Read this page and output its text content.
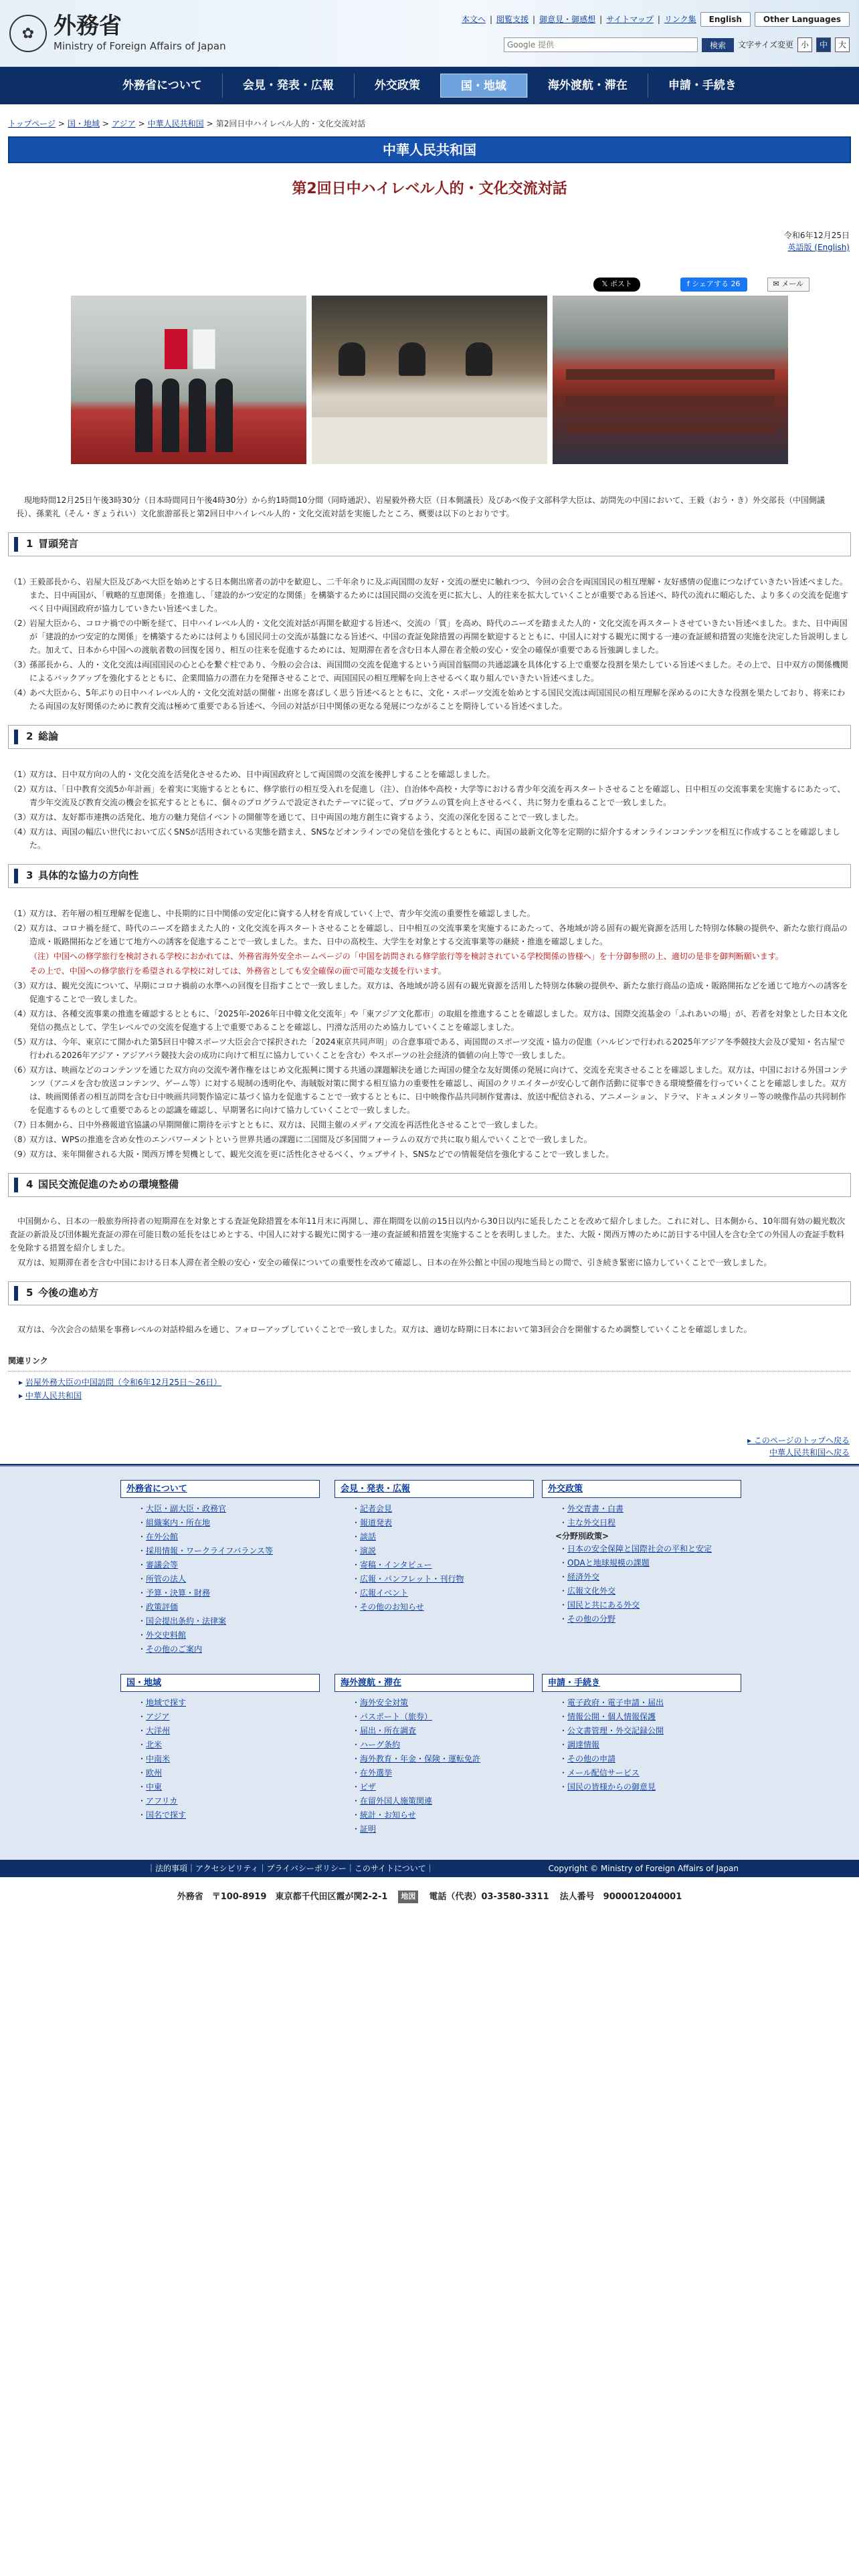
✿ 外務省
Ministry of Foreign Affairs of Japan
本文へ | 閲覧支援 | 御意見・御感想 | サイトマップ | リンク集	English	Other Languages
Google 提供
検索	文字サイズ変更 小	中	大
外務省について	会見・発表・広報	外交政策	国・地域	海外渡航・滞在	申請・手続き
トップページ > 国・地域 > アジア > 中華人民共和国 > 第2回日中ハイレベル人的・文化交流対話
中華人民共和国
第2回日中ハイレベル人的・文化交流対話
令和6年12月25日
英語版 (English)
𝕏 ポスト	f シェアする 26	✉ メール

現地時間12月25日午後3時30分（日本時間同日午後4時30分）から約1時間10分間（同時通訳）、岩屋毅外務大臣（日本側議長）及びあべ俊子文部科学大臣は、訪問先の中国において、王毅（おう・き）外交部長（中国側議長）、孫業礼（そん・ぎょうれい）文化旅游部長と第2回日中ハイレベル人的・文化交流対話を実施したところ、概要は以下のとおりです。

1
冒頭発言
（1）
王毅部長から、岩屋大臣及びあべ大臣を始めとする日本側出席者の訪中を歓迎し、二千年余りに及ぶ両国間の友好・交流の歴史に触れつつ、今回の会合を両国国民の相互理解・友好感情の促進につなげていきたい旨述べました。また、日中両国が、「戦略的互恵関係」を推進し、「建設的かつ安定的な関係」を構築するためには国民間の交流を更に拡大し、人的往来を拡大していくことが重要である旨述べ、時代の流れに順応した、より多くの交流を促進すべく日中両国政府が協力していきたい旨述べました。
（2）
岩屋大臣から、コロナ禍での中断を経て、日中ハイレベル人的・文化交流対話が再開を歓迎する旨述べ、交流の「質」を高め、時代のニーズを踏まえた人的・文化交流を再スタートさせていきたい旨述べました。また、日中両国が「建設的かつ安定的な関係」を構築するためには何よりも国民同士の交流が基盤になる旨述べ、中国の査証免除措置の再開を歓迎するとともに、中国人に対する観光に関する一連の査証緩和措置の実施を決定した旨説明しました。加えて、日本から中国への渡航者数の回復を図り、相互の往来を促進するためには、短期滞在者を含む日本人滞在者全般の安心・安全の確保が重要である旨強調しました。
（3）
孫部長から、人的・文化交流は両国国民の心と心を繋ぐ柱であり、今般の会合は、両国間の交流を促進するという両国首脳間の共通認識を具体化する上で重要な役割を果たしている旨述べました。その上で、日中双方の関係機関によるバックアップを強化するとともに、企業間協力の潜在力を発揮させることで、両国国民の相互理解を向上させるべく取り組んでいきたい旨述べました。
（4）
あべ大臣から、5年ぶりの日中ハイレベル人的・文化交流対話の開催・出席を喜ばしく思う旨述べるとともに、文化・スポーツ交流を始めとする国民交流は両国国民の相互理解を深めるのに大きな役割を果たしており、将来にわたる両国の友好関係のために教育交流は極めて重要である旨述べ、今回の対話が日中関係の更なる発展につながることを期待している旨述べました。
2
総論
（1）
双方は、日中双方向の人的・文化交流を活発化させるため、日中両国政府として両国間の交流を後押しすることを確認しました。
（2）
双方は、「日中教育交流5か年計画」を着実に実施するとともに、修学旅行の相互受入れを促進し（注）、自治体や高校・大学等における青少年交流を再スタートさせることを確認し、日中相互の交流事業を実施するにあたって、青少年交流及び教育交流の機会を拡充するとともに、個々のプログラムで設定されたテーマに従って、プログラムの質を向上させるべく、共に努力を重ねることで一致しました。
（3）
双方は、友好都市連携の活発化、地方の魅力発信イベントの開催等を通じて、日中両国の地方創生に資するよう、交流の深化を図ることで一致しました。
（4）
双方は、両国の幅広い世代において広くSNSが活用されている実態を踏まえ、SNSなどオンラインでの発信を強化するとともに、両国の最新文化等を定期的に紹介するオンラインコンテンツを相互に作成することを確認しました。
3
具体的な協力の方向性
（1）
双方は、若年層の相互理解を促進し、中長期的に日中関係の安定化に資する人材を育成していく上で、青少年交流の重要性を確認しました。
（2）
双方は、コロナ禍を経て、時代のニーズを踏まえた人的・文化交流を再スタートさせることを確認し、日中相互の交流事業を実施するにあたって、各地域が誇る固有の観光資源を活用した特別な体験の提供や、新たな旅行商品の造成・販路開拓などを通じて地方への誘客を促進することで一致しました。また、日中の高校生、大学生を対象とする交流事業等の継続・推進を確認しました。
（注）中国への修学旅行を検討される学校におかれては、外務省海外安全ホームページの「中国を訪問される修学旅行等を検討されている学校関係の皆様へ」を十分御参照の上、適切の是非を御判断願います。
その上で、中国への修学旅行を希望される学校に対しては、外務省としても安全確保の面で可能な支援を行います。
（3）
双方は、観光交流について、早期にコロナ禍前の水準への回復を目指すことで一致しました。双方は、各地域が誇る固有の観光資源を活用した特別な体験の提供や、新たな旅行商品の造成・販路開拓などを通じて地方への誘客を促進することで一致しました。
（4）
双方は、各種交流事業の推進を確認するとともに、「2025年-2026年日中韓文化交流年」や「東アジア文化都市」の取組を推進することを確認しました。双方は、国際交流基金の「ふれあいの場」が、若者を対象とした日本文化発信の拠点として、学生レベルでの交流を促進する上で重要であることを確認し、円滑な活用のため協力していくことを確認しました。
（5）
双方は、今年、東京にて開かれた第5回日中韓スポーツ大臣会合で採択された「2024東京共同声明」の合意事項である、両国間のスポーツ交流・協力の促進（ハルビンで行われる2025年アジア冬季競技大会及び愛知・名古屋で行われる2026年アジア・アジアパラ競技大会の成功に向けて相互に協力していくことを含む）やスポーツの社会経済的価値の向上等で一致しました。
（6）
双方は、映画などのコンテンツを通じた双方向の交流や著作権をはじめ文化振興に関する共通の課題解決を通じた両国の健全な友好関係の発展に向けて、交流を充実させることを確認しました。双方は、中国における外国コンテンツ（アニメを含む放送コンテンツ、ゲーム等）に対する規制の透明化や、海賊版対策に関する相互協力の重要性を確認し、両国のクリエイターが安心して創作活動に従事できる環境整備を行っていくことを確認しました。双方は、映画関係者の相互訪問を含む日中映画共同製作協定に基づく協力を促進することで一致するとともに、日中映像作品共同制作覚書は、放送中配信される、アニメーション、ドラマ、ドキュメンタリー等の映像作品の共同制作を促進するものとして重要であるとの認識を確認し、早期署名に向けて協力していくことで一致しました。
（7）
日本側から、日中外務報道官協議の早期開催に期待を示すとともに、双方は、民間主催のメディア交流を再活性化させることで一致しました。
（8）
双方は、WPSの推進を含め女性のエンパワーメントという世界共通の課題に二国間及び多国間フォーラムの双方で共に取り組んでいくことで一致しました。
（9）
双方は、来年開催される大阪・関西万博を契機として、観光交流を更に活性化させるべく、ウェブサイト、SNSなどでの情報発信を強化することで一致しました。
4
国民交流促進のための環境整備

中国側から、日本の一般旅券所持者の短期滞在を対象とする査証免除措置を本年11月末に再開し、滞在期間を以前の15日以内から30日以内に延長したことを改めて紹介しました。これに対し、日本側から、10年間有効の観光数次査証の新設及び団体観光査証の滞在可能日数の延長をはじめとする、中国人に対する観光に関する一連の査証緩和措置を実施することを表明しました。また、大阪・関西万博のために訪日する中国人を含む全ての外国人の査証手数料を免除する措置を紹介しました。

双方は、短期滞在者を含む中国における日本人滞在者全般の安心・安全の確保についての重要性を改めて確認し、日本の在外公館と中国の現地当局との間で、引き続き緊密に協力していくことで一致しました。

5
今後の進め方

双方は、今次会合の結果を事務レベルの対話枠組みを通じ、フォローアップしていくことで一致しました。双方は、適切な時期に日本において第3回会合を開催するため調整していくことを確認しました。

関連リンク
▸ 岩屋外務大臣の中国訪問（令和6年12月25日〜26日）
▸ 中華人民共和国
▸ このページのトップへ戻る
中華人民共和国へ戻る
外務省について
・ 大臣・副大臣・政務官
・ 組織案内・所在地
・ 在外公館
・ 採用情報・ワークライフバランス等
・ 審議会等
・ 所管の法人
・ 予算・決算・財務
・ 政策評価
・ 国会提出条約・法律案
・ 外交史料館
・ その他のご案内
会見・発表・広報
・ 記者会見
・ 報道発表
・ 談話
・ 演説
・ 寄稿・インタビュー
・ 広報・パンフレット・刊行物
・ 広報イベント
・ その他のお知らせ
外交政策
・ 外交青書・白書
・ 主な外交日程
<分野別政策>
・ 日本の安全保障と国際社会の平和と安定
・ ODAと地球規模の課題
・ 経済外交
・ 広報文化外交
・ 国民と共にある外交
・ その他の分野
国・地域
・ 地域で探す
・ アジア
・ 大洋州
・ 北米
・ 中南米
・ 欧州
・ 中東
・ アフリカ
・ 国名で探す
海外渡航・滞在
・ 海外安全対策
・ パスポート（旅券）
・ 届出・所在調査
・ ハーグ条約
・ 海外教育・年金・保険・運転免許
・ 在外選挙
・ ビザ
・ 在留外国人施策関連
・ 統計・お知らせ
・ 証明
申請・手続き
・ 電子政府・電子申請・届出
・ 情報公開・個人情報保護
・ 公文書管理・外交記録公開
・ 調達情報
・ その他の申請
・ メール配信サービス
・ 国民の皆様からの御意見
｜法的事項｜アクセシビリティ｜プライバシーポリシー｜このサイトについて｜	Copyright © Ministry of Foreign Affairs of Japan
外務省　〒100-8919　東京都千代田区霞が関2-2-1	地図	電話（代表）03-3580-3311 法人番号　9000012040001
